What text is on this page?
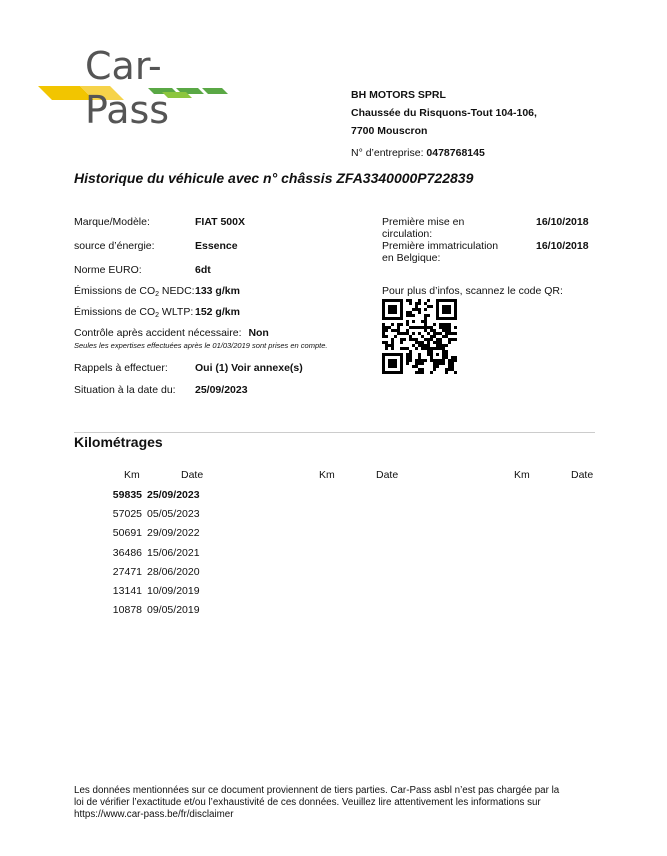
Car-Pass	BH MOTORS SPRL
Chaussée du Risquons-Tout 104-106,
7700 Mouscron
N° d’entreprise: 0478768145
Historique du véhicule avec n° châssis ZFA3340000P722839
Marque/Modèle:	FIAT 500X
source d’énergie:	Essence
Norme EURO:	6dt
Émissions de $CO_2$ NEDC: 133 g/km
Émissions de $CO_2$ WLTP: 152 g/km
Contrôle après accident nécessaire: Non
Seules les expertises effectuées après le 01/03/2019 sont prises en compte.
Rappels à effectuer:	Oui (1) Voir annexe(s)
Situation à la date du: 25/09/2023
Première mise en
circulation:
16/10/2018
Première immatriculation
en Belgique:
16/10/2018
Pour plus d’infos, scannez le code QR:
Kilométrages
Km	Date	Km	Date	Km	Date
59835 25/09/2023
57025 05/05/2023
50691 29/09/2022
36486 15/06/2021
27471 28/06/2020
13141 10/09/2019
10878 09/05/2019
Les données mentionnées sur ce document proviennent de tiers parties. Car-Pass asbl n’est pas chargée par la
loi de vérifier l’exactitude et/ou l’exhaustivité de ces données. Veuillez lire attentivement les informations sur
https://www.car-pass.be/fr/disclaimer
